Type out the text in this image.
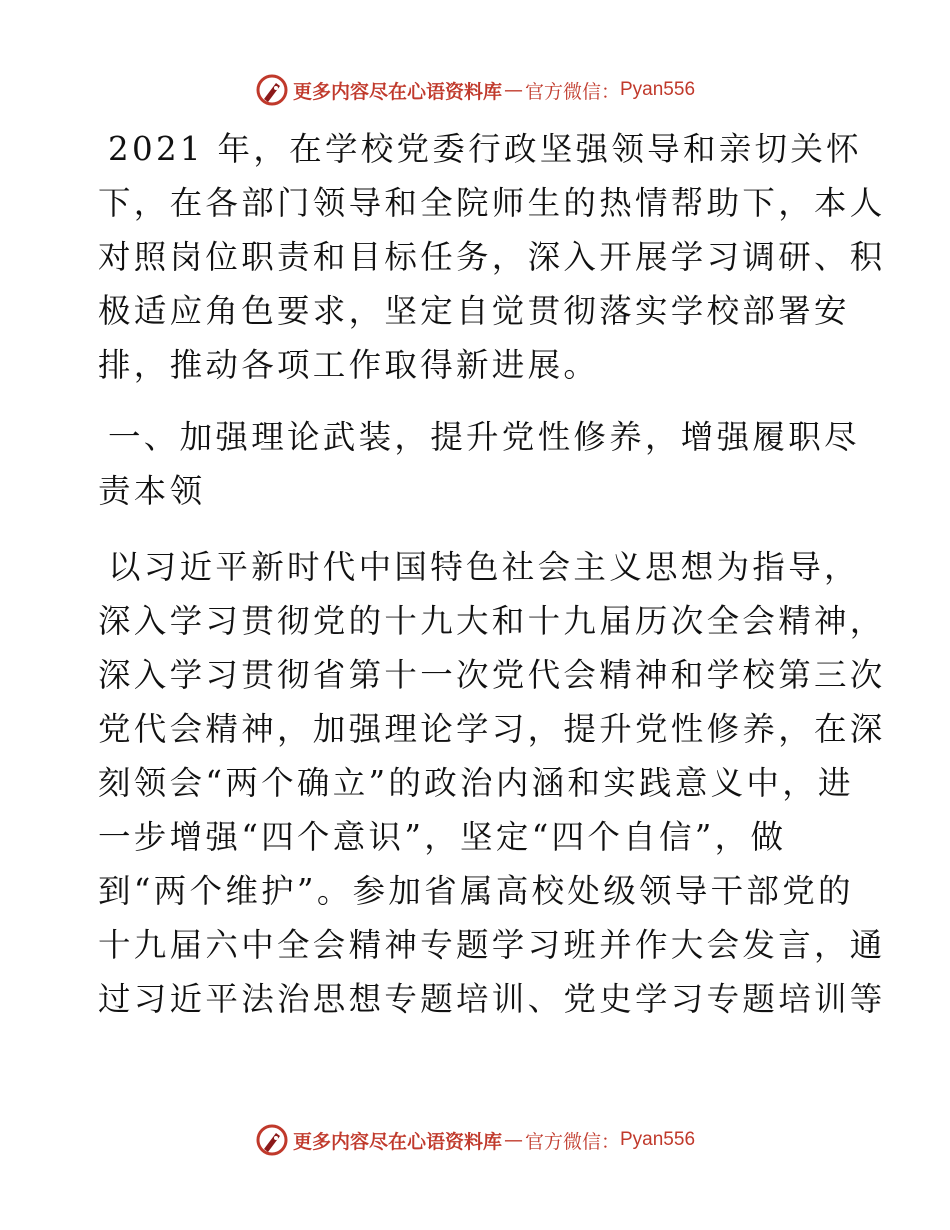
更多内容尽在心语资料库 — 官方微信： Pyan556

2021 年，在学校党委行政坚强领导和亲切关怀
下，在各部门领导和全院师生的热情帮助下，本人
对照岗位职责和目标任务，深入开展学习调研、积
极适应角色要求，坚定自觉贯彻落实学校部署安
排，推动各项工作取得新进展。

一、加强理论武装，提升党性修养，增强履职尽
责本领

以习近平新时代中国特色社会主义思想为指导，
深入学习贯彻党的十九大和十九届历次全会精神，
深入学习贯彻省第十一次党代会精神和学校第三次
党代会精神，加强理论学习，提升党性修养，在深
刻领会“两个确立”的政治内涵和实践意义中，进
一步增强“四个意识”，坚定“四个自信”，做
到“两个维护”。参加省属高校处级领导干部党的
十九届六中全会精神专题学习班并作大会发言，通
过习近平法治思想专题培训、党史学习专题培训等

更多内容尽在心语资料库 — 官方微信： Pyan556
